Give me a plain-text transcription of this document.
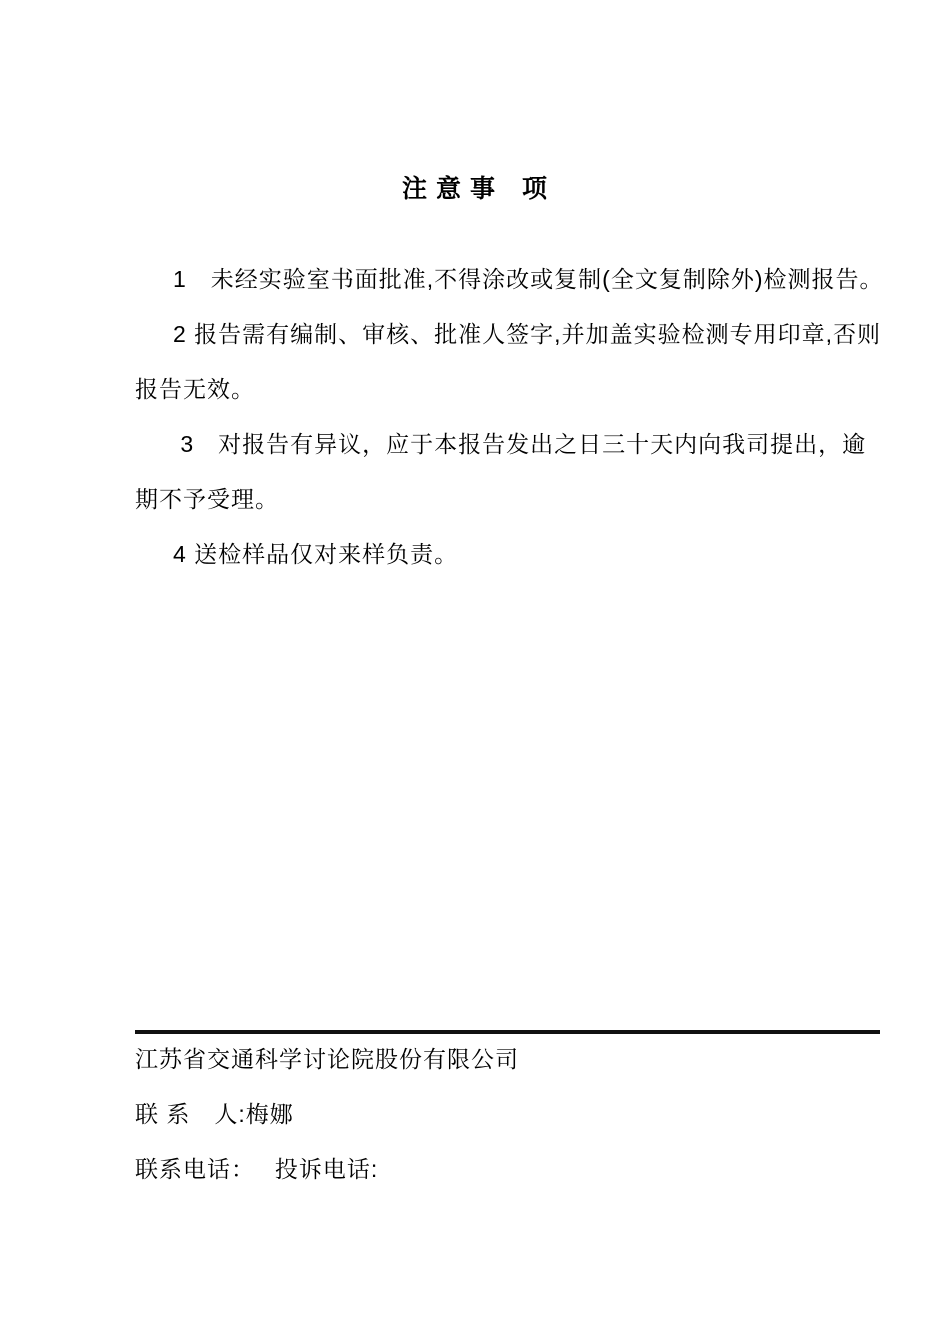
注 意 事　项
1　未经实验室书面批准,不得涂改或复制(全文复制除外)检测报告。
2 报告需有编制、审核、批准人签字,并加盖实验检测专用印章,否则
报告无效。
3　对报告有异议，应于本报告发出之日三十天内向我司提出，逾
期不予受理。
4 送检样品仅对来样负责。
江苏省交通科学讨论院股份有限公司
联 系　人:梅娜
联系电话：　 投诉电话:
